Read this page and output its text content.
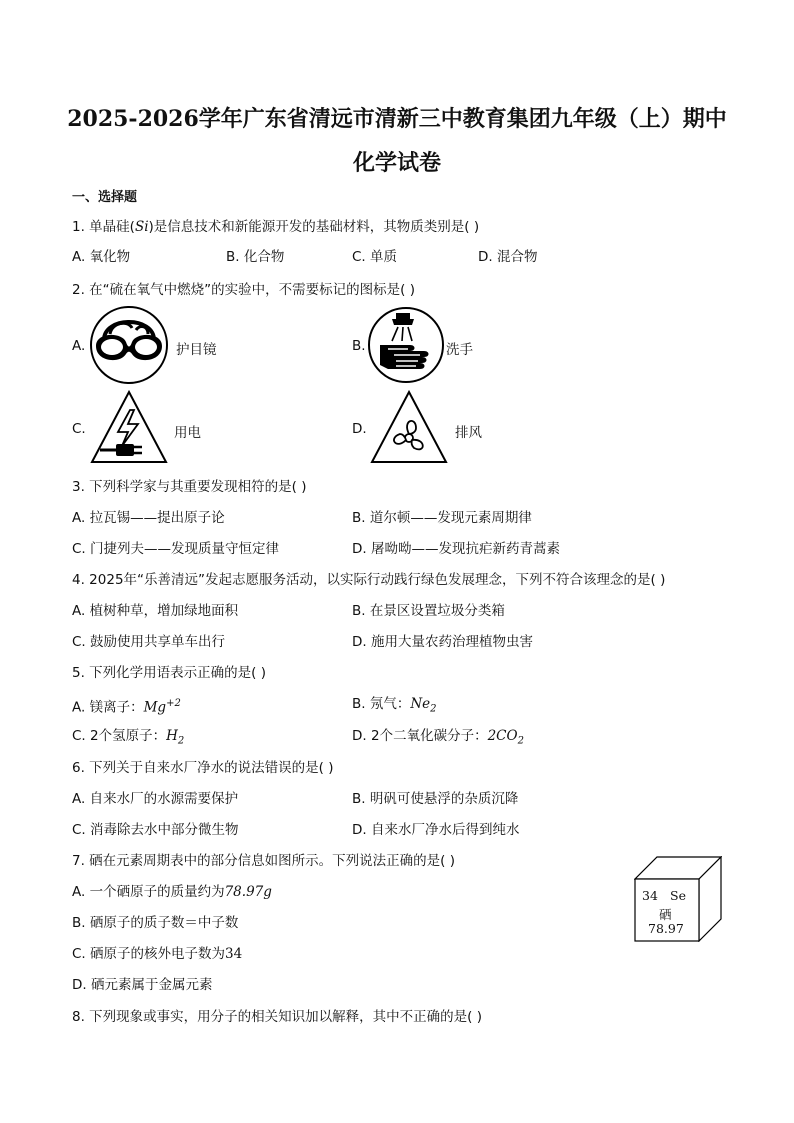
2025-2026学年广东省清远市清新三中教育集团九年级（上）期中
化学试卷
一、选择题
1. 单晶硅(Si)是信息技术和新能源开发的基础材料，其物质类别是( )
A. 氧化物	B. 化合物	C. 单质	D. 混合物
2. 在“硫在氧气中燃烧”的实验中，不需要标记的图标是( )
A.	护目镜	B.	洗手
C.	用电	D.	排风
3. 下列科学家与其重要发现相符的是( )
A. 拉瓦锡——提出原子论	B. 道尔顿——发现元素周期律
C. 门捷列夫——发现质量守恒定律	D. 屠呦呦——发现抗疟新药青蒿素
4. 2025年“乐善清远”发起志愿服务活动，以实际行动践行绿色发展理念，下列不符合该理念的是( )
A. 植树种草，增加绿地面积	B. 在景区设置垃圾分类箱
C. 鼓励使用共享单车出行	D. 施用大量农药治理植物虫害
5. 下列化学用语表示正确的是( )
A. 镁离子：$Mg^{+2}$	B. 氖气：$Ne_2$
C. 2个氢原子：$H_2$	D. 2个二氧化碳分子：$2CO_2$
6. 下列关于自来水厂净水的说法错误的是( )
A. 自来水厂的水源需要保护	B. 明矾可使悬浮的杂质沉降
C. 消毒除去水中部分微生物	D. 自来水厂净水后得到纯水
7. 硒在元素周期表中的部分信息如图所示。下列说法正确的是( )
A. 一个硒原子的质量约为78.97g
B. 硒原子的质子数＝中子数
C. 硒原子的核外电子数为34
D. 硒元素属于金属元素
34 Se
硒
78.97
8. 下列现象或事实，用分子的相关知识加以解释，其中不正确的是( )
